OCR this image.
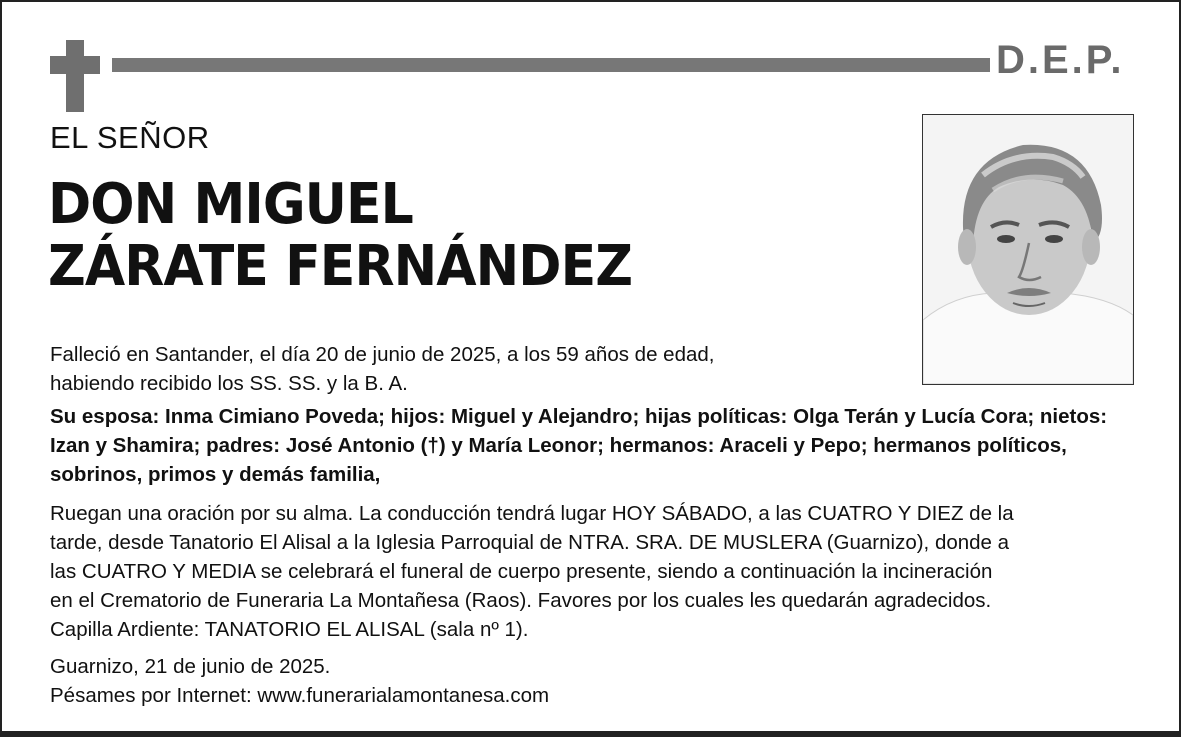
D.E.P.
EL SEÑOR
DON MIGUEL
ZÁRATE FERNÁNDEZ

Falleció en Santander, el día 20 de junio de 2025, a los 59 años de edad,
habiendo recibido los SS. SS. y la B. A.

Su esposa: Inma Cimiano Poveda; hijos: Miguel y Alejandro; hijas políticas: Olga Terán y Lucía Cora; nietos:
Izan y Shamira; padres: José Antonio (†) y María Leonor; hermanos: Araceli y Pepo; hermanos políticos,
sobrinos, primos y demás familia,

Ruegan una oración por su alma. La conducción tendrá lugar HOY SÁBADO, a las CUATRO Y DIEZ de la
tarde, desde Tanatorio El Alisal a la Iglesia Parroquial de NTRA. SRA. DE MUSLERA (Guarnizo), donde a
las CUATRO Y MEDIA se celebrará el funeral de cuerpo presente, siendo a continuación la incineración
en el Crematorio de Funeraria La Montañesa (Raos). Favores por los cuales les quedarán agradecidos.
Capilla Ardiente: TANATORIO EL ALISAL (sala nº 1).

Guarnizo, 21 de junio de 2025.

Pésames por Internet: www.funerarialamontanesa.com
